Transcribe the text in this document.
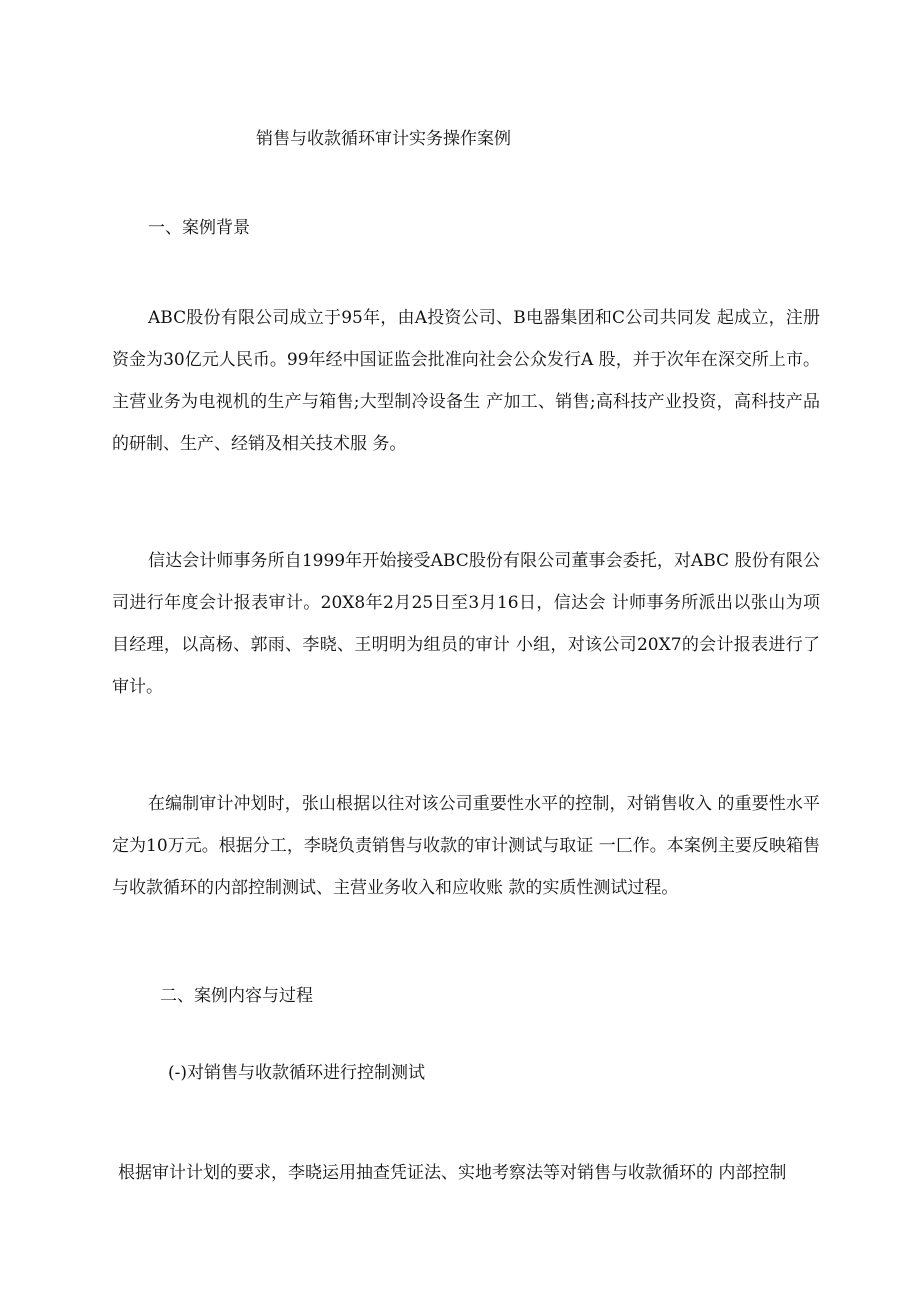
销售与收款循环审计实务操作案例
一、案例背景
ABC股份有限公司成立于95年，由A投资公司、B电器集团和C公司共同发 起成立，注册资金为30亿元人民币。99年经中国证监会批准向社会公众发行A 股，并于次年在深交所上市。主营业务为电视机的生产与箱售;大型制冷设备生 产加工、销售;高科技产业投资，高科技产品的研制、生产、经销及相关技术服 务。
信达会计师事务所自1999年开始接受ABC股份有限公司董事会委托，对ABC 股份有限公司进行年度会计报表审计。20X8年2月25日至3月16日，信达会 计师事务所派出以张山为项目经理，以高杨、郭雨、李晓、王明明为组员的审计 小组，对该公司20X7的会计报表进行了审计。
在编制审计冲划时，张山根据以往对该公司重要性水平的控制，对销售收入 的重要性水平定为10万元。根据分工，李晓负责销售与收款的审计测试与取证 一匚作。本案例主要反映箱售与收款循环的内部控制测试、主营业务收入和应收账 款的实质性测试过程。
二、案例内容与过程
(-)对销售与收款循环进行控制测试
根据审计计划的要求，李晓运用抽查凭证法、实地考察法等对销售与收款循环的 内部控制
